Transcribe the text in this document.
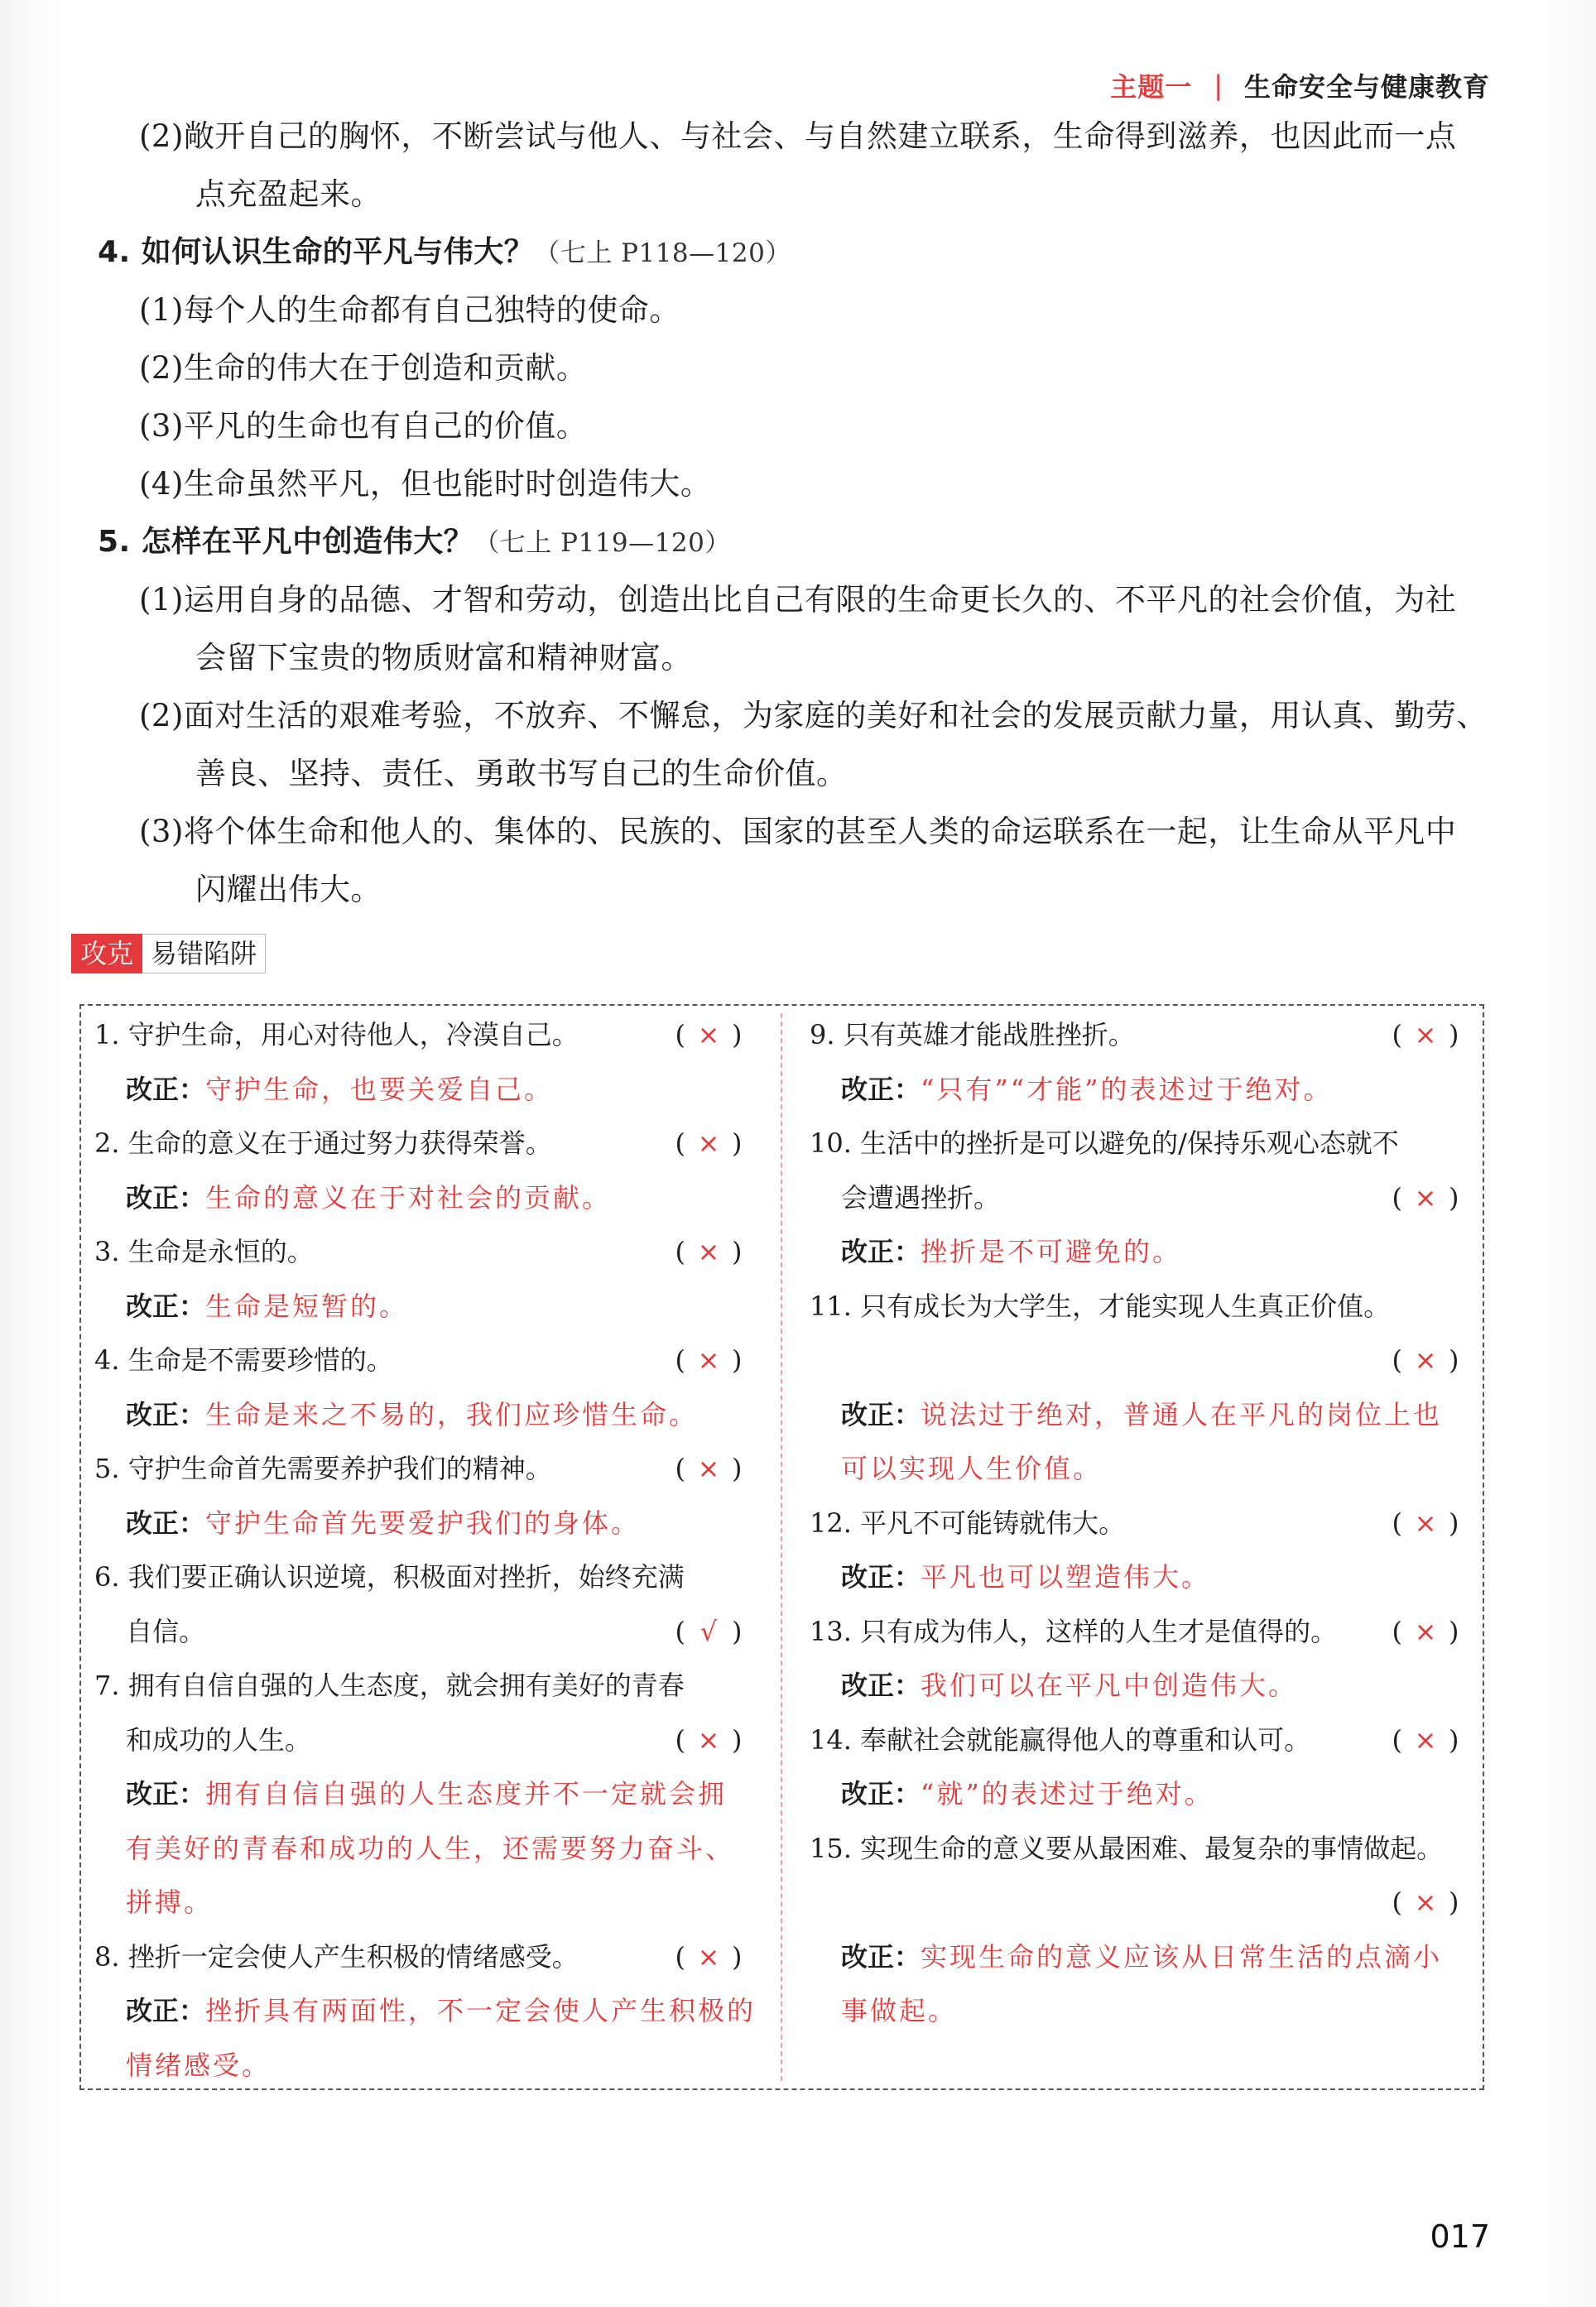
主题一 | 生命安全与健康教育
(2)敞开自己的胸怀，不断尝试与他人、与社会、与自然建立联系，生命得到滋养，也因此而一点
点充盈起来。
4. 如何认识生命的平凡与伟大？（七上 P118—120）
(1)每个人的生命都有自己独特的使命。
(2)生命的伟大在于创造和贡献。
(3)平凡的生命也有自己的价值。
(4)生命虽然平凡，但也能时时创造伟大。
5. 怎样在平凡中创造伟大？（七上 P119—120）
(1)运用自身的品德、才智和劳动，创造出比自己有限的生命更长久的、不平凡的社会价值，为社
会留下宝贵的物质财富和精神财富。
(2)面对生活的艰难考验，不放弃、不懈怠，为家庭的美好和社会的发展贡献力量，用认真、勤劳、
善良、坚持、责任、勇敢书写自己的生命价值。
(3)将个体生命和他人的、集体的、民族的、国家的甚至人类的命运联系在一起，让生命从平凡中
闪耀出伟大。
攻克 易错陷阱
1. 守护生命，用心对待他人，冷漠自己。	( × )
改正：守护生命，也要关爱自己。
2. 生命的意义在于通过努力获得荣誉。	( × )
改正：生命的意义在于对社会的贡献。
3. 生命是永恒的。	( × )
改正：生命是短暂的。
4. 生命是不需要珍惜的。	( × )
改正：生命是来之不易的，我们应珍惜生命。
5. 守护生命首先需要养护我们的精神。	( × )
改正：守护生命首先要爱护我们的身体。
6. 我们要正确认识逆境，积极面对挫折，始终充满
自信。	( √ )
7. 拥有自信自强的人生态度，就会拥有美好的青春
和成功的人生。	( × )
改正：拥有自信自强的人生态度并不一定就会拥
有美好的青春和成功的人生，还需要努力奋斗、
拼搏。
8. 挫折一定会使人产生积极的情绪感受。	( × )
改正：挫折具有两面性，不一定会使人产生积极的
情绪感受。
9. 只有英雄才能战胜挫折。	( × )
改正：“只有”“才能”的表述过于绝对。
10. 生活中的挫折是可以避免的/保持乐观心态就不
会遭遇挫折。	( × )
改正：挫折是不可避免的。
11. 只有成长为大学生，才能实现人生真正价值。
( × )
改正：说法过于绝对，普通人在平凡的岗位上也
可以实现人生价值。
12. 平凡不可能铸就伟大。	( × )
改正：平凡也可以塑造伟大。
13. 只有成为伟人，这样的人生才是值得的。	( × )
改正：我们可以在平凡中创造伟大。
14. 奉献社会就能赢得他人的尊重和认可。	( × )
改正：“就”的表述过于绝对。
15. 实现生命的意义要从最困难、最复杂的事情做起。
( × )
改正：实现生命的意义应该从日常生活的点滴小
事做起。
017
